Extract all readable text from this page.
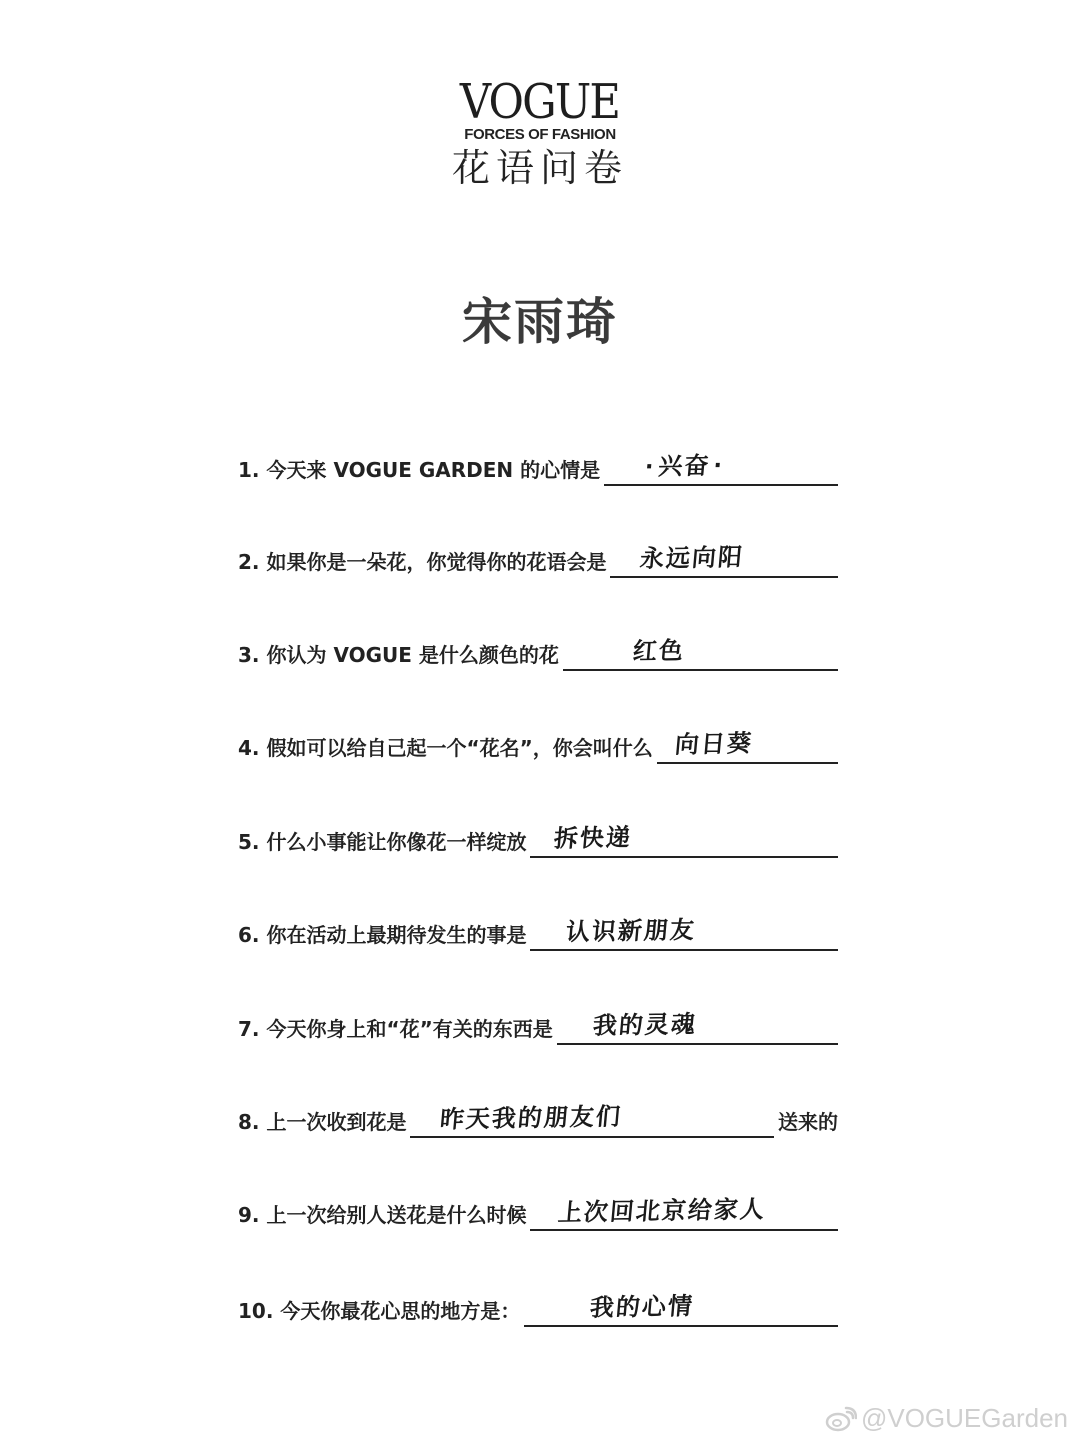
VOGUE
FORCES OF FASHION
花语问卷
宋雨琦
1. 今天来 VOGUE GARDEN 的心情是 ·兴奋·
2. 如果你是一朵花，你觉得你的花语会是 永远向阳
3. 你认为 VOGUE 是什么颜色的花	红色
4. 假如可以给自己起一个“花名”，你会叫什么 向日葵
5. 什么小事能让你像花一样绽放 拆快递
6. 你在活动上最期待发生的事是 认识新朋友
7. 今天你身上和“花”有关的东西是 我的灵魂
8. 上一次收到花是 昨天我的朋友们	送来的
9. 上一次给别人送花是什么时候 上次回北京给家人
10. 今天你最花心思的地方是：	我的心情
@VOGUEGarden
